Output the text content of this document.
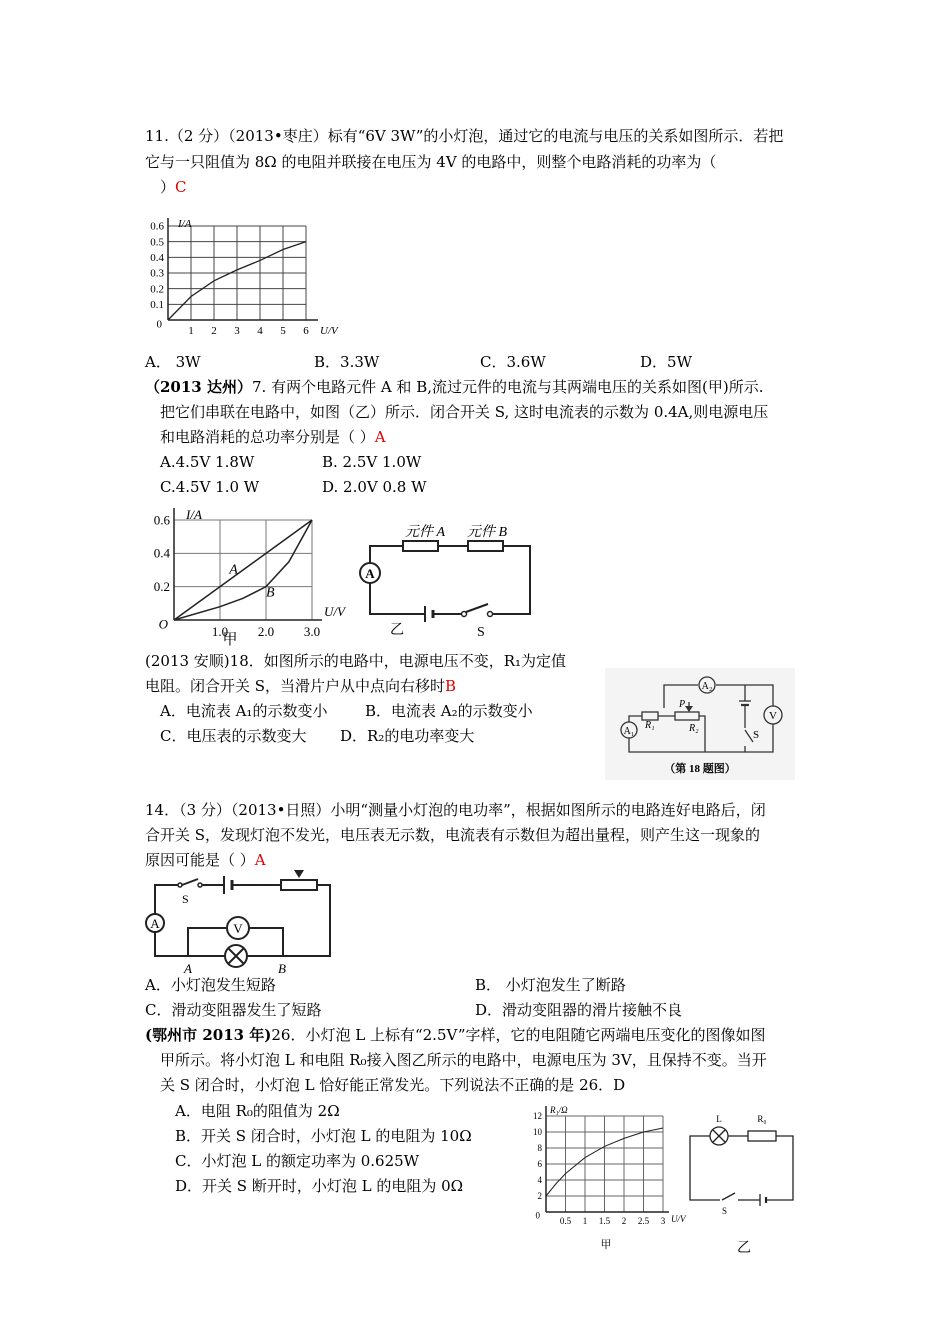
11.（2 分）（2013•枣庄）标有“6V 3W”的小灯泡，通过它的电流与电压的关系如图所示．若把
它与一只阻值为 8Ω 的电阻并联接在电压为 4V 的电路中，则整个电路消耗的功率为（
）C
1 2 3 4 5 6
0.1
0.2
0.3
0.4
0.5
0.6
0
U/V
I/A
A． 3W	B．3.3W	C．3.6W	D．5W
（2013 达州）7. 有两个电路元件 A 和 B,流过元件的电流与其两端电压的关系如图(甲)所示.
把它们串联在电路中，如图（乙）所示．闭合开关 S, 这时电流表的示数为 0.4A,则电源电压
和电路消耗的总功率分别是（ ）A
A.4.5V 1.8W	B. 2.5V 1.0W
C.4.5V 1.0 W	D. 2.0V 0.8 W
1.0 2.0 3.0
0.2
0.4
0.6
O
U/V
I/A
A
B
甲
A
元件 A 元件 B
S
乙
(2013 安顺)18．如图所示的电路中，电源电压不变，R₁为定值
电阻。闭合开关 S，当滑片户从中点向右移时B
A．电流表 A₁的示数变小	B．电流表 A₂的示数变小
C．电压表的示数变大 D．R₂的电功率变大
A₂
A₁
V
R₁	R₂
P
S
（第 18 题图）
14．（3 分）（2013•日照）小明“测量小灯泡的电功率”，根据如图所示的电路连好电路后，闭
合开关 S，发现灯泡不发光，电压表无示数，电流表有示数但为超出量程，则产生这一现象的
原因可能是（ ）A
A	V
S
A	B
A．小灯泡发生短路	B． 小灯泡发生了断路
C．滑动变阻器发生了短路	D．滑动变阻器的滑片接触不良
(鄂州市 2013 年)26．小灯泡 L 上标有“2.5V”字样，它的电阻随它两端电压变化的图像如图
甲所示。将小灯泡 L 和电阻 R₀接入图乙所示的电路中，电源电压为 3V，且保持不变。当开
关 S 闭合时，小灯泡 L 恰好能正常发光。下列说法不正确的是 26．D
A．电阻 R₀的阻值为 2Ω
B．开关 S 闭合时，小灯泡 L 的电阻为 10Ω
C．小灯泡 L 的额定功率为 0.625W
D．开关 S 断开时，小灯泡 L 的电阻为 0Ω
0.5 1 1.5 2 2.5 3
2
4
6
8
10
12
0	U/V
R₁/Ω
甲
L	R₀
S
乙
